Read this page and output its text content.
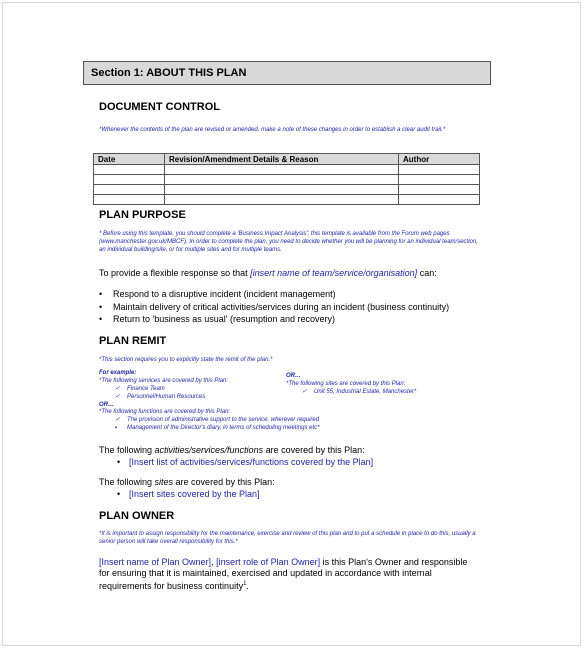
Section 1: ABOUT THIS PLAN
DOCUMENT CONTROL
*Whenever the contents of the plan are revised or amended, make a note of these changes in order to establish a clear audit trail.*
Date	Revision/Amendment Details & Reason	Author

PLAN PURPOSE
* Before using this template, you should complete a 'Business Impact Analysis'; this template is available from the Forum web pages (www.manchester.gov.uk/MBCF). In order to complete the plan, you need to decide whether you will be planning for an individual team/section, an individual building/site, or for multiple sites and for multiple teams.
To provide a flexible response so that [insert name of team/service/organisation] can:
• Respond to a disruptive incident (incident management)
• Maintain delivery of critical activities/services during an incident (business continuity)
• Return to 'business as usual' (resumption and recovery)
PLAN REMIT
*This section requires you to explicitly state the remit of the plan.*
For example:
*The following services are covered by this Plan:
✓ Finance Team
✓ Personnel/Human Resources
OR…
*The following functions are covered by this Plan:
✓ The provision of administrative support to the service, wherever required
▪ Management of the Director's diary, in terms of scheduling meetings etc*
OR…
*The following sites are covered by this Plan:
✓ Unit 55, Industrial Estate, Manchester*
The following activities/services/functions are covered by this Plan:
• [Insert list of activities/services/functions covered by the Plan]
The following sites are covered by this Plan:
• [Insert sites covered by the Plan]
PLAN OWNER
*It is important to assign responsibility for the maintenance, exercise and review of this plan and to put a schedule in place to do this, usually a senior person will take overall responsibility for this.*
[Insert name of Plan Owner], [insert role of Plan Owner] is this Plan's Owner and responsible for ensuring that it is maintained, exercised and updated in accordance with internal requirements for business continuity$^1$.
